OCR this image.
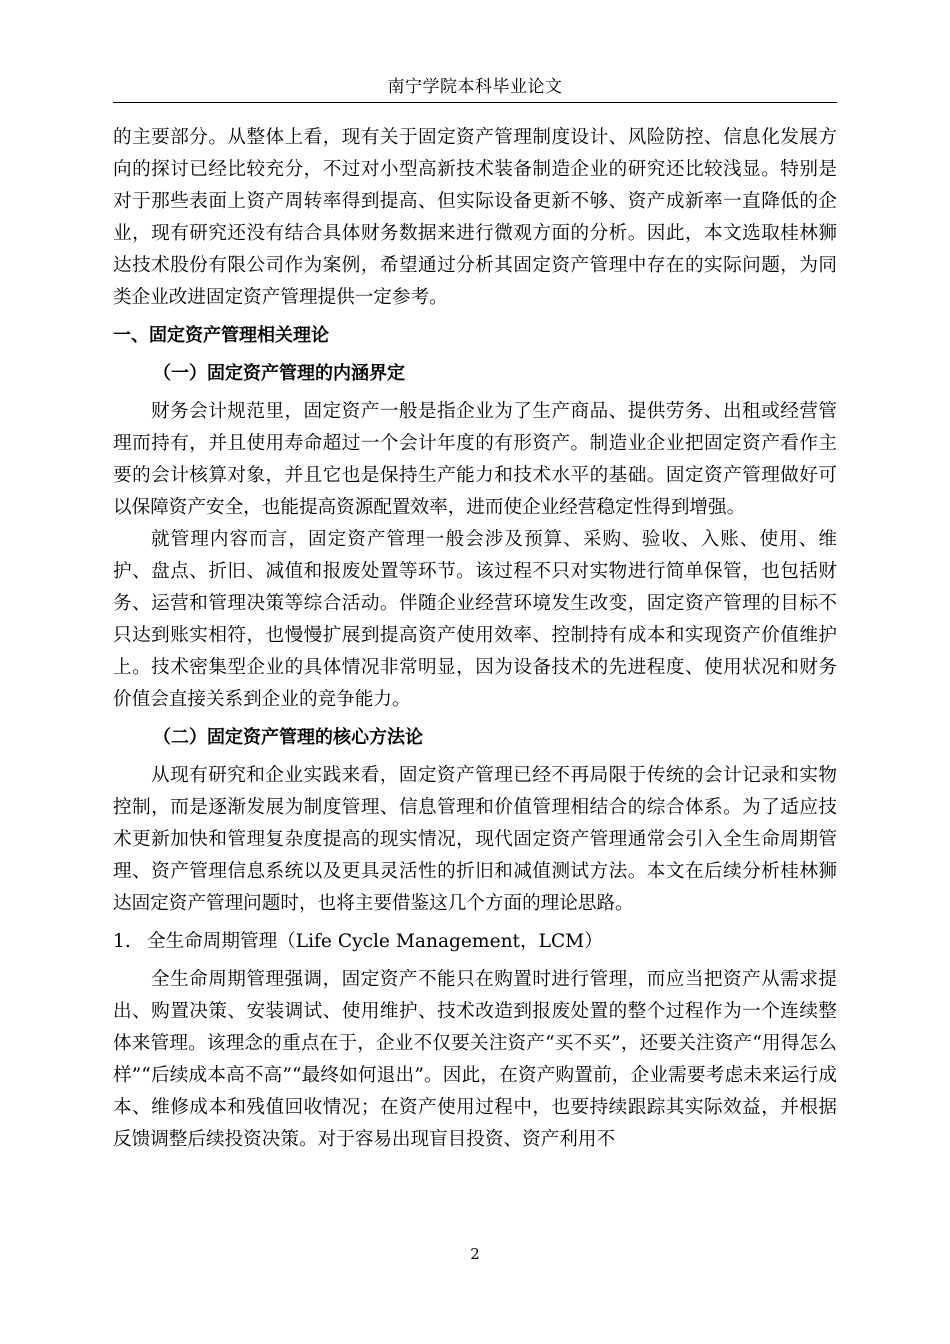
南宁学院本科毕业论文

的主要部分。从整体上看，现有关于固定资产管理制度设计、风险防控、信息化发展方向的探讨已经比较充分，不过对小型高新技术装备制造企业的研究还比较浅显。特别是对于那些表面上资产周转率得到提高、但实际设备更新不够、资产成新率一直降低的企业，现有研究还没有结合具体财务数据来进行微观方面的分析。因此，本文选取桂林狮达技术股份有限公司作为案例，希望通过分析其固定资产管理中存在的实际问题，为同类企业改进固定资产管理提供一定参考。

一、固定资产管理相关理论
（一）固定资产管理的内涵界定

财务会计规范里，固定资产一般是指企业为了生产商品、提供劳务、出租或经营管理而持有，并且使用寿命超过一个会计年度的有形资产。制造业企业把固定资产看作主要的会计核算对象，并且它也是保持生产能力和技术水平的基础。固定资产管理做好可以保障资产安全，也能提高资源配置效率，进而使企业经营稳定性得到增强。

就管理内容而言，固定资产管理一般会涉及预算、采购、验收、入账、使用、维护、盘点、折旧、减值和报废处置等环节。该过程不只对实物进行简单保管，也包括财务、运营和管理决策等综合活动。伴随企业经营环境发生改变，固定资产管理的目标不只达到账实相符，也慢慢扩展到提高资产使用效率、控制持有成本和实现资产价值维护上。技术密集型企业的具体情况非常明显，因为设备技术的先进程度、使用状况和财务价值会直接关系到企业的竞争能力。

（二）固定资产管理的核心方法论

从现有研究和企业实践来看，固定资产管理已经不再局限于传统的会计记录和实物控制，而是逐渐发展为制度管理、信息管理和价值管理相结合的综合体系。为了适应技术更新加快和管理复杂度提高的现实情况，现代固定资产管理通常会引入全生命周期管理、资产管理信息系统以及更具灵活性的折旧和减值测试方法。本文在后续分析桂林狮达固定资产管理问题时，也将主要借鉴这几个方面的理论思路。

1. 全生命周期管理（Life Cycle Management，LCM）

全生命周期管理强调，固定资产不能只在购置时进行管理，而应当把资产从需求提出、购置决策、安装调试、使用维护、技术改造到报废处置的整个过程作为一个连续整体来管理。该理念的重点在于，企业不仅要关注资产“买不买”，还要关注资产“用得怎么样”“后续成本高不高”“最终如何退出”。因此，在资产购置前，企业需要考虑未来运行成本、维修成本和残值回收情况；在资产使用过程中，也要持续跟踪其实际效益，并根据反馈调整后续投资决策。对于容易出现盲目投资、资产利用不

2
